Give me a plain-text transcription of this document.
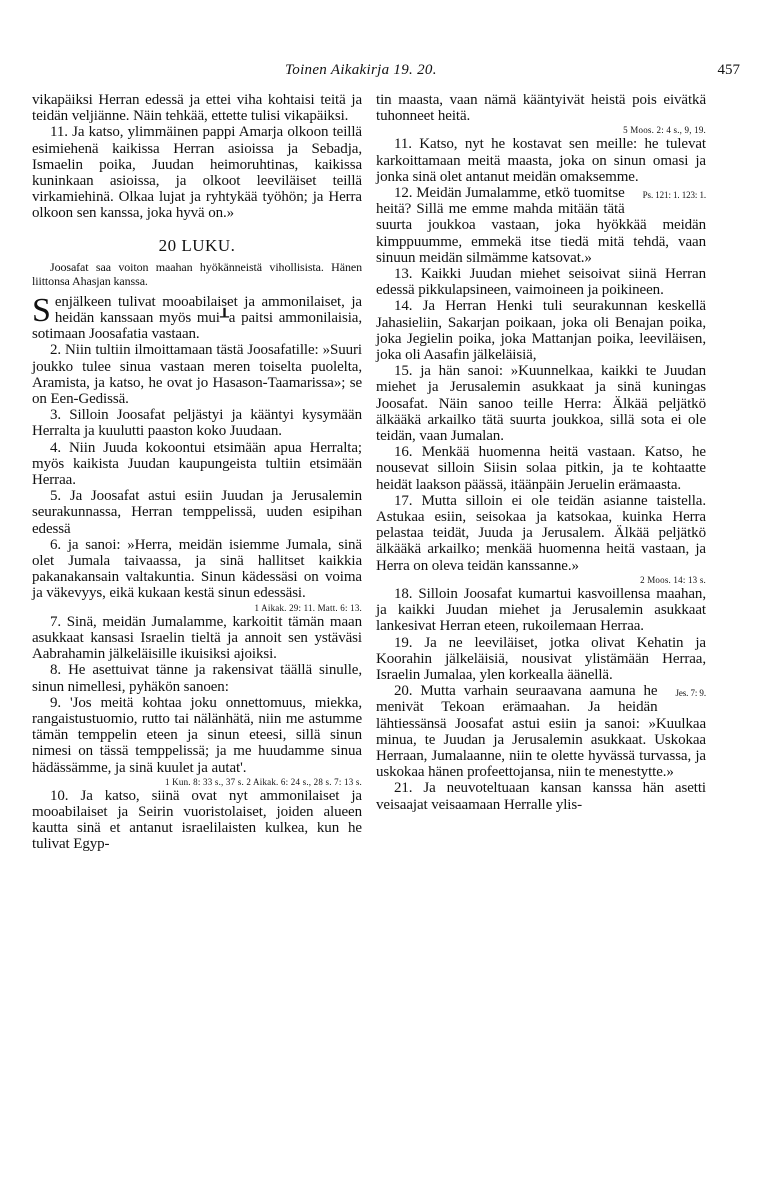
Toinen Aikakirja 19. 20.	457

vikapäiksi Herran edessä ja ettei viha kohtaisi teitä ja teidän veljiänne. Näin tehkää, ettette tulisi vikapäiksi.

11. Ja katso, ylimmäinen pappi Amarja olkoon teillä esimiehenä kaikissa Herran asioissa ja Sebadja, Ismaelin poika, Juudan heimoruhtinas, kaikissa kuninkaan asioissa, ja olkoot leeviläiset teillä virkamiehinä. Olkaa lujat ja ryhtykää työhön; ja Herra olkoon sen kanssa, joka hyvä on.»

20 LUKU.

Joosafat saa voiton maahan hyökänneistä vihollisista. Hänen liittonsa Ahasjan kanssa.

Senjälkeen tulivat mooabilaiset ja ammonilaiset, ja heidän kanssaan myös mui┸a paitsi ammonilaisia, sotimaan Joosafatia vastaan.

2. Niin tultiin ilmoittamaan tästä Joosafatille: »Suuri joukko tulee sinua vastaan meren toiselta puolelta, Aramista, ja katso, he ovat jo Hasason-Taamarissa»; se on Een-Gedissä.

3. Silloin Joosafat peljästyi ja kääntyi kysymään Herralta ja kuulutti paaston koko Juudaan.

4. Niin Juuda kokoontui etsimään apua Herralta; myös kaikista Juudan kaupungeista tultiin etsimään Herraa.

5. Ja Joosafat astui esiin Juudan ja Jerusalemin seurakunnassa, Herran temppelissä, uuden esipihan edessä

6. ja sanoi: »Herra, meidän isiemme Jumala, sinä olet Jumala taivaassa, ja sinä hallitset kaikkia pakanakansain valtakuntia. Sinun kädessäsi on voima ja väkevyys, eikä kukaan kestä sinun edessäsi.

1 Aikak. 29: 11. Matt. 6: 13.

7. Sinä, meidän Jumalamme, karkoitit tämän maan asukkaat kansasi Israelin tieltä ja annoit sen ystäväsi Aabrahamin jälkeläisille ikuisiksi ajoiksi.

8. He asettuivat tänne ja rakensivat täällä sinulle, sinun nimellesi, pyhäkön sanoen:

9. 'Jos meitä kohtaa joku onnettomuus, miekka, rangaistustuomio, rutto tai nälänhätä, niin me astumme tämän temppelin eteen ja sinun eteesi, sillä sinun nimesi on tässä temppelissä; ja me huudamme sinua hädässämme, ja sinä kuulet ja autat'.

1 Kun. 8: 33 s., 37 s. 2 Aikak. 6: 24 s., 28 s. 7: 13 s.

10. Ja katso, siinä ovat nyt ammonilaiset ja mooabilaiset ja Seirin vuoristolaiset, joiden alueen kautta sinä et antanut israelilaisten kulkea, kun he tulivat Egyp-

tin maasta, vaan nämä kääntyivät heistä pois eivätkä tuhonneet heitä.

5 Moos. 2: 4 s., 9, 19.

11. Katso, nyt he kostavat sen meille: he tulevat karkoittamaan meitä maasta, joka on sinun omasi ja jonka sinä olet antanut meidän omaksemme.

Ps. 121: 1. 123: 1.
12. Meidän Jumalamme, etkö tuomitse heitä? Sillä me emme mahda mitään tätä suurta joukkoa vastaan, joka hyökkää meidän kimppuumme, emmekä itse tiedä mitä tehdä, vaan sinuun meidän silmämme katsovat.»

13. Kaikki Juudan miehet seisoivat siinä Herran edessä pikkulapsineen, vaimoineen ja poikineen.

14. Ja Herran Henki tuli seurakunnan keskellä Jahasieliin, Sakarjan poikaan, joka oli Benajan poika, joka Jegielin poika, joka Mattanjan poika, leeviläisen, joka oli Aasafin jälkeläisiä,

15. ja hän sanoi: »Kuunnelkaa, kaikki te Juudan miehet ja Jerusalemin asukkaat ja sinä kuningas Joosafat. Näin sanoo teille Herra: Älkää peljätkö älkääkä arkailko tätä suurta joukkoa, sillä sota ei ole teidän, vaan Jumalan.

16. Menkää huomenna heitä vastaan. Katso, he nousevat silloin Siisin solaa pitkin, ja te kohtaatte heidät laakson päässä, itäänpäin Jeruelin erämaasta.

17. Mutta silloin ei ole teidän asianne taistella. Astukaa esiin, seisokaa ja katsokaa, kuinka Herra pelastaa teidät, Juuda ja Jerusalem. Älkää peljätkö älkääkä arkailko; menkää huomenna heitä vastaan, ja Herra on oleva teidän kanssanne.»

2 Moos. 14: 13 s.

18. Silloin Joosafat kumartui kasvoillensa maahan, ja kaikki Juudan miehet ja Jerusalemin asukkaat lankesivat Herran eteen, rukoilemaan Herraa.

19. Ja ne leeviläiset, jotka olivat Kehatin ja Koorahin jälkeläisiä, nousivat ylistämään Herraa, Israelin Jumalaa, ylen korkealla äänellä.

Jes. 7: 9.
20. Mutta varhain seuraavana aamuna he menivät Tekoan erämaahan. Ja heidän lähtiessänsä Joosafat astui esiin ja sanoi: »Kuulkaa minua, te Juudan ja Jerusalemin asukkaat. Uskokaa Herraan, Jumalaanne, niin te olette hyvässä turvassa, ja uskokaa hänen profeettojansa, niin te menestytte.»

21. Ja neuvoteltuaan kansan kanssa hän asetti veisaajat veisaamaan Herralle ylis-
